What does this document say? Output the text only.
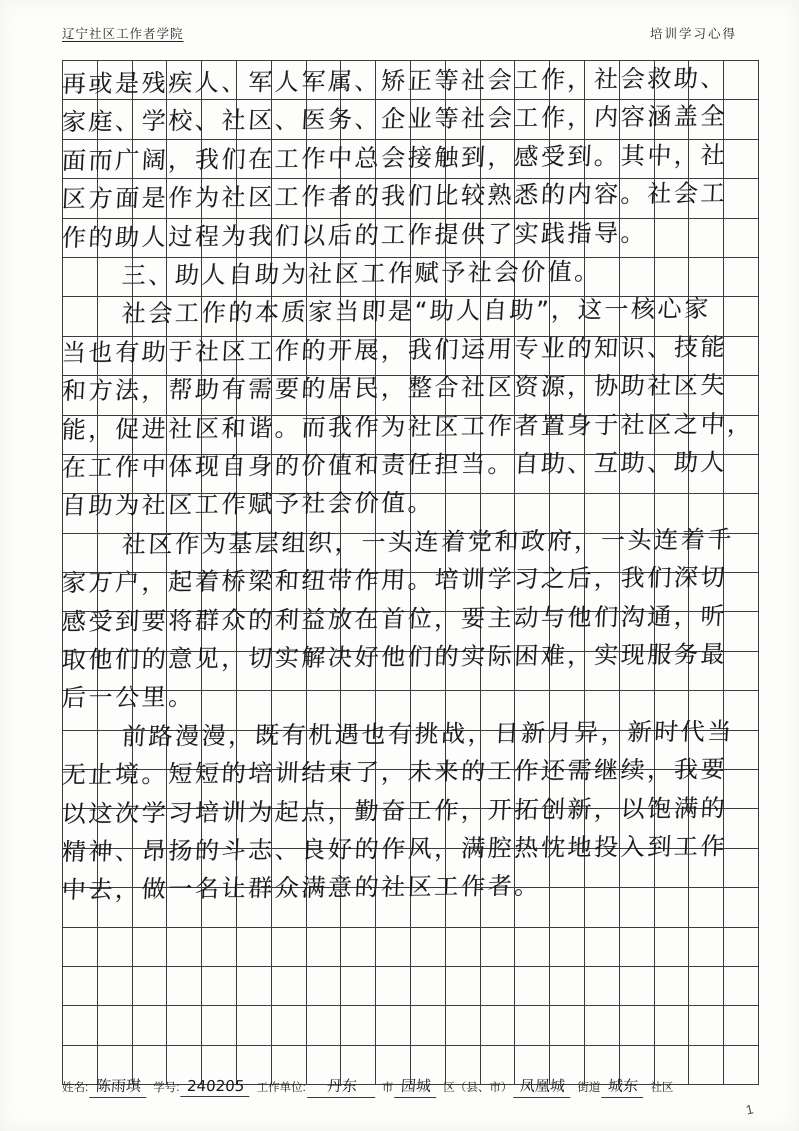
辽宁社区工作者学院	培训学习心得

再或是残疾人、军人军属、矫正等社会工作，社会救助、
家庭、学校、社区、医务、企业等社会工作，内容涵盖全
面而广阔，我们在工作中总会接触到，感受到。其中，社
区方面是作为社区工作者的我们比较熟悉的内容。社会工
作的助人过程为我们以后的工作提供了实践指导。
三、助人自助为社区工作赋予社会价值。
社会工作的本质家当即是“助人自助”，这一核心家
当也有助于社区工作的开展，我们运用专业的知识、技能
和方法，帮助有需要的居民，整合社区资源，协助社区失
能，促进社区和谐。而我作为社区工作者置身于社区之中，
在工作中体现自身的价值和责任担当。自助、互助、助人
自助为社区工作赋予社会价值。
社区作为基层组织，一头连着党和政府，一头连着千
家万户，起着桥梁和纽带作用。培训学习之后，我们深切
感受到要将群众的利益放在首位，要主动与他们沟通，听
取他们的意见，切实解决好他们的实际困难，实现服务最
后一公里。
前路漫漫，既有机遇也有挑战，日新月异，新时代当
无止境。短短的培训结束了，未来的工作还需继续，我要
以这次学习培训为起点，勤奋工作，开拓创新，以饱满的
精神、昂扬的斗志、良好的作风，满腔热忱地投入到工作
中去，做一名让群众满意的社区工作者。
姓名: 陈雨琪 学号: 240205 工作单位:	丹东	市 园城 区（县、市） 凤凰城 街道 城东 社区
1
